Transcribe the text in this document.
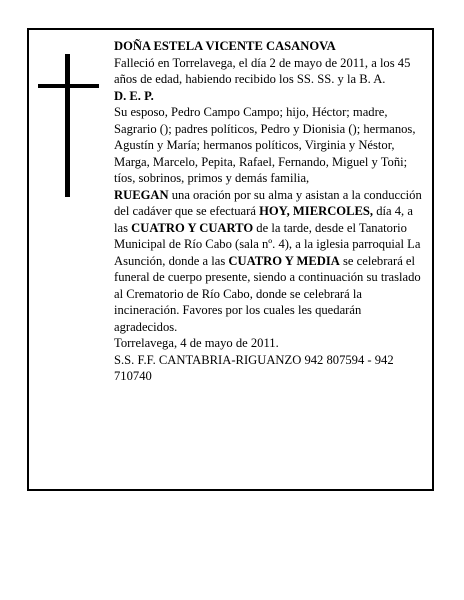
DOÑA ESTELA VICENTE CASANOVA

Falleció en Torrelavega, el día 2 de mayo de 2011, a los 45 años de edad, habiendo recibido los SS. SS. y la B. A.

D. E. P.

Su esposo, Pedro Campo Campo; hijo, Héctor; madre, Sagrario (); padres políticos, Pedro y Dionisia (); hermanos, Agustín y María; hermanos políticos, Virginia y Néstor, Marga, Marcelo, Pepita, Rafael, Fernando, Miguel y Toñi; tíos, sobrinos, primos y demás familia,

RUEGAN una oración por su alma y asistan a la conducción del cadáver que se efectuará HOY, MIERCOLES, día 4, a las CUATRO Y CUARTO de la tarde, desde el Tanatorio Municipal de Río Cabo (sala nº. 4), a la iglesia parroquial La Asunción, donde a las CUATRO Y MEDIA se celebrará el funeral de cuerpo presente, siendo a continuación su traslado al Crematorio de Río Cabo, donde se celebrará la incineración. Favores por los cuales les quedarán agradecidos.

Torrelavega, 4 de mayo de 2011.

S.S. F.F. CANTABRIA-RIGUANZO 942 807594 - 942 710740
